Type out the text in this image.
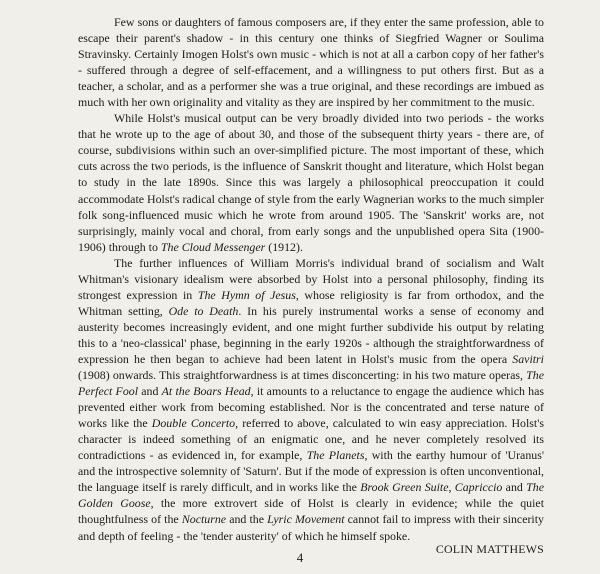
Few sons or daughters of famous composers are, if they enter the same profession, able to escape their parent's shadow - in this century one thinks of Siegfried Wagner or Soulima Stravinsky. Certainly Imogen Holst's own music - which is not at all a carbon copy of her father's - suffered through a degree of self-effacement, and a willingness to put others first. But as a teacher, a scholar, and as a performer she was a true original, and these recordings are imbued as much with her own originality and vitality as they are inspired by her commitment to the music.

While Holst's musical output can be very broadly divided into two periods - the works that he wrote up to the age of about 30, and those of the subsequent thirty years - there are, of course, subdivisions within such an over-simplified picture. The most important of these, which cuts across the two periods, is the influence of Sanskrit thought and literature, which Holst began to study in the late 1890s. Since this was largely a philosophical preoccupation it could accommodate Holst's radical change of style from the early Wagnerian works to the much simpler folk song-influenced music which he wrote from around 1905. The 'Sanskrit' works are, not surprisingly, mainly vocal and choral, from early songs and the unpublished opera Sita (1900-1906) through to The Cloud Messenger (1912).

The further influences of William Morris's individual brand of socialism and Walt Whitman's visionary idealism were absorbed by Holst into a personal philosophy, finding its strongest expression in The Hymn of Jesus, whose religiosity is far from orthodox, and the Whitman setting, Ode to Death. In his purely instrumental works a sense of economy and austerity becomes increasingly evident, and one might further subdivide his output by relating this to a 'neo-classical' phase, beginning in the early 1920s - although the straightforwardness of expression he then began to achieve had been latent in Holst's music from the opera Savitri (1908) onwards. This straightforwardness is at times disconcerting: in his two mature operas, The Perfect Fool and At the Boars Head, it amounts to a reluctance to engage the audience which has prevented either work from becoming established. Nor is the concentrated and terse nature of works like the Double Concerto, referred to above, calculated to win easy appreciation. Holst's character is indeed something of an enigmatic one, and he never completely resolved its contradictions - as evidenced in, for example, The Planets, with the earthy humour of 'Uranus' and the introspective solemnity of 'Saturn'. But if the mode of expression is often unconventional, the language itself is rarely difficult, and in works like the Brook Green Suite, Capriccio and The Golden Goose, the more extrovert side of Holst is clearly in evidence; while the quiet thoughtfulness of the Nocturne and the Lyric Movement cannot fail to impress with their sincerity and depth of feeling - the 'tender austerity' of which he himself spoke.

COLIN MATTHEWS
4
